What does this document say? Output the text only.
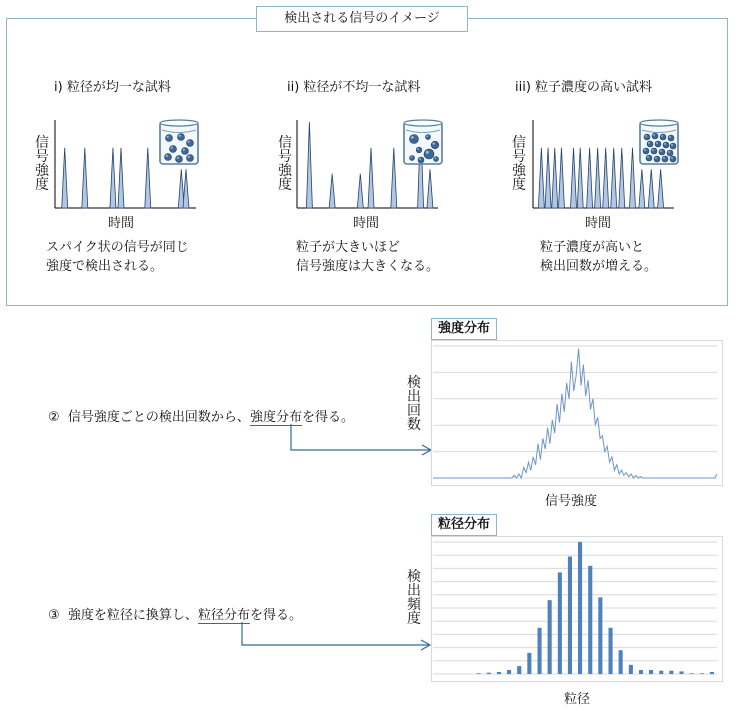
検出される信号のイメージ
i) 粒径が均一な試料
信号強度
時間
スパイク状の信号が同じ
強度で検出される。
ii) 粒径が不均一な試料
信号強度
時間
粒子が大きいほど
信号強度は大きくなる。
iii) 粒子濃度の高い試料
信号強度
時間
粒子濃度が高いと
検出回数が増える。
② 信号強度ごとの検出回数から、強度分布を得る。
強度分布
検出回数
信号強度
③ 強度を粒径に換算し、粒径分布を得る。
粒径分布
検出頻度
粒径
